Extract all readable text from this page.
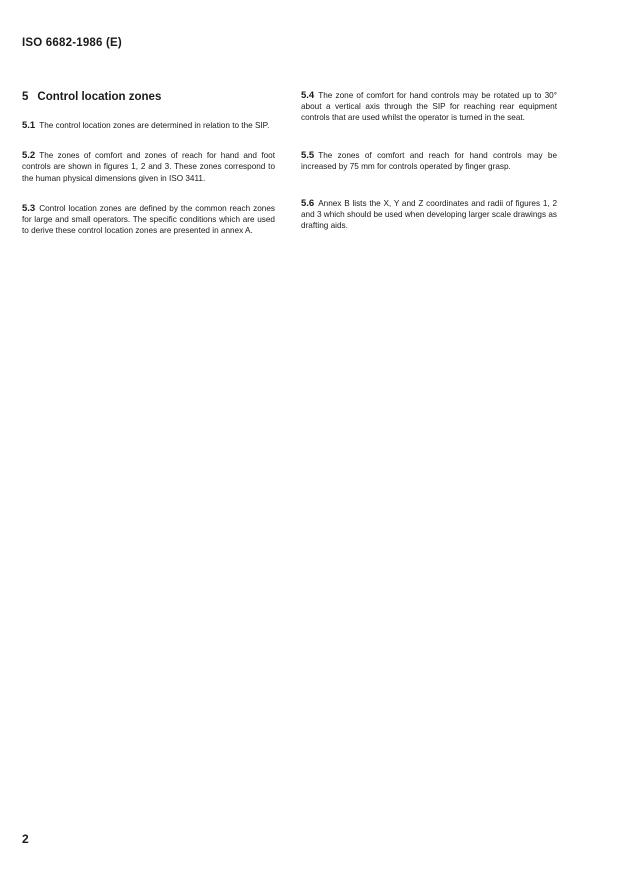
ISO 6682-1986 (E)
5 Control location zones

5.1 The control location zones are determined in relation to the SIP.

5.2 The zones of comfort and zones of reach for hand and foot controls are shown in figures 1, 2 and 3. These zones correspond to the human physical dimensions given in ISO 3411.

5.3 Control location zones are defined by the common reach zones for large and small operators. The specific conditions which are used to derive these control location zones are presented in annex A.

5.4 The zone of comfort for hand controls may be rotated up to 30° about a vertical axis through the SIP for reaching rear equipment controls that are used whilst the operator is turned in the seat.

5.5 The zones of comfort and reach for hand controls may be increased by 75 mm for controls operated by finger grasp.

5.6 Annex B lists the X, Y and Z coordinates and radii of figures 1, 2 and 3 which should be used when developing larger scale drawings as drafting aids.

2
